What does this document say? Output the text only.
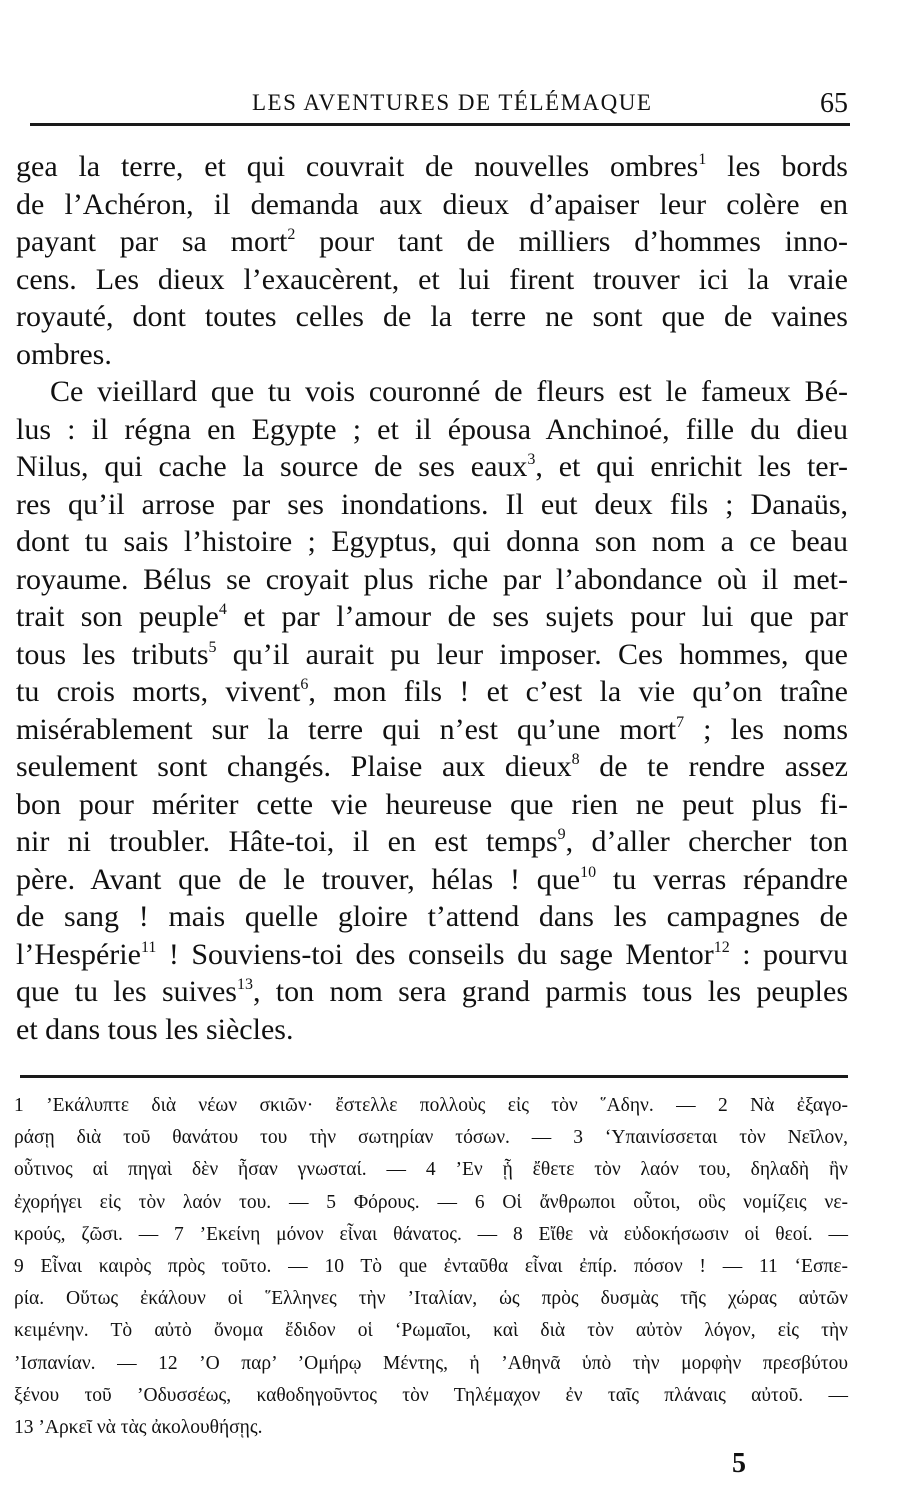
LES AVENTURES DE TÉLÉMAQUE	65
gea la terre, et qui couvrait de nouvelles ombres$^1$ les bords
de l’Achéron, il demanda aux dieux d’apaiser leur colère en
payant par sa mort$^2$ pour tant de milliers d’hommes inno-
cens. Les dieux l’exaucèrent, et lui firent trouver ici la vraie
royauté, dont toutes celles de la terre ne sont que de vaines
ombres.
Ce vieillard que tu vois couronné de fleurs est le fameux Bé-
lus : il régna en Egypte ; et il épousa Anchinoé, fille du dieu
Nilus, qui cache la source de ses eaux$^3$, et qui enrichit les ter-
res qu’il arrose par ses inondations. Il eut deux fils ; Danaüs,
dont tu sais l’histoire ; Egyptus, qui donna son nom a ce beau
royaume. Bélus se croyait plus riche par l’abondance où il met-
trait son peuple$^4$ et par l’amour de ses sujets pour lui que par
tous les tributs$^5$ qu’il aurait pu leur imposer. Ces hommes, que
tu crois morts, vivent$^6$, mon fils ! et c’est la vie qu’on traîne
misérablement sur la terre qui n’est qu’une mort$^7$ ; les noms
seulement sont changés. Plaise aux dieux$^8$ de te rendre assez
bon pour mériter cette vie heureuse que rien ne peut plus fi-
nir ni troubler. Hâte-toi, il en est temps$^9$, d’aller chercher ton
père. Avant que de le trouver, hélas ! que$^{10}$ tu verras répandre
de sang ! mais quelle gloire t’attend dans les campagnes de
l’Hespérie$^{11}$ ! Souviens-toi des conseils du sage Mentor$^{12}$ : pourvu
que tu les suives$^{13}$, ton nom sera grand parmis tous les peuples
et dans tous les siècles.
1 ’Εκάλυπτε διὰ νέων σκιῶν· ἔστελλε πολλοὺς εἰς τὸν ῞Αδην. — 2 Νὰ ἐξαγο-
ράσῃ διὰ τοῦ θανάτου του τὴν σωτηρίαν τόσων. — 3 ‘Υπαινίσσεται τὸν Νεῖλον,
οὗτινος αἱ πηγαὶ δὲν ἦσαν γνωσταί. — 4 ’Εν ᾗ ἔθετε τὸν λαόν του, δηλαδὴ ἣν
ἐχορήγει εἰς τὸν λαόν του. — 5 Φόρους. — 6 Οἱ ἄνθρωποι οὗτοι, οὓς νομίζεις νε-
κρούς, ζῶσι. — 7 ’Εκείνη μόνον εἶναι θάνατος. — 8 Εἴθε νὰ εὐδοκήσωσιν οἱ θεοί. —
9 Εἶναι καιρὸς πρὸς τοῦτο. — 10 Τὸ que ἐνταῦθα εἶναι ἐπίρ. πόσον ! — 11 ‘Εσπε-
ρία. Οὕτως ἐκάλουν οἱ ῞Ελληνες τὴν ’Ιταλίαν, ὡς πρὸς δυσμὰς τῆς χώρας αὐτῶν
κειμένην. Τὸ αὐτὸ ὄνομα ἔδιδον οἱ ‘Ρωμαῖοι, καὶ διὰ τὸν αὐτὸν λόγον, εἰς τὴν
’Ισπανίαν. — 12 ’Ο παρ’ ’Ομήρῳ Μέντης, ἡ ’Αθηνᾶ ὑπὸ τὴν μορφὴν πρεσβύτου
ξένου τοῦ ’Οδυσσέως, καθοδηγοῦντος τὸν Τηλέμαχον ἐν ταῖς πλάναις αὐτοῦ. —
13 ’Αρκεῖ νὰ τὰς ἀκολουθήσῃς.
5
